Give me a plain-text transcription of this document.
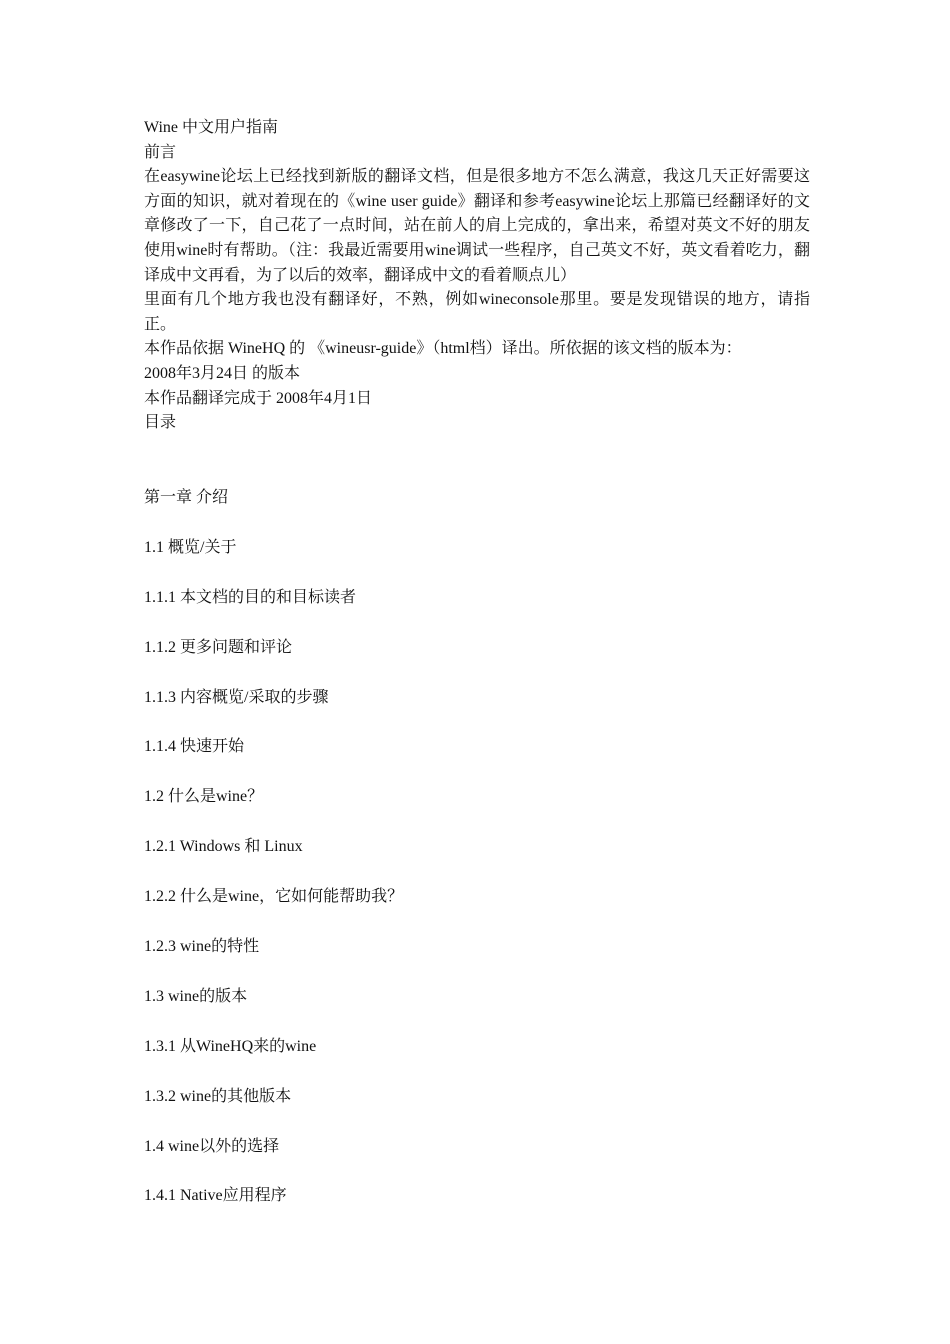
Wine 中文用户指南

前言

在easywine论坛上已经找到新版的翻译文档，但是很多地方不怎么满意，我这几天正好需要这方面的知识，就对着现在的《wine user guide》翻译和参考easywine论坛上那篇已经翻译好的文章修改了一下，自己花了一点时间，站在前人的肩上完成的，拿出来，希望对英文不好的朋友使用wine时有帮助。（注：我最近需要用wine调试一些程序，自己英文不好，英文看着吃力，翻译成中文再看，为了以后的效率，翻译成中文的看着顺点儿）

里面有几个地方我也没有翻译好，不熟，例如wineconsole那里。要是发现错误的地方，请指正。

本作品依据 WineHQ 的 《wineusr-guide》（html档）译出。所依据的该文档的版本为：

2008年3月24日 的版本

本作品翻译完成于 2008年4月1日

目录

第一章 介绍

1.1 概览/关于

1.1.1 本文档的目的和目标读者

1.1.2 更多问题和评论

1.1.3 内容概览/采取的步骤

1.1.4 快速开始

1.2 什么是wine？

1.2.1 Windows 和 Linux

1.2.2 什么是wine，它如何能帮助我？

1.2.3 wine的特性

1.3 wine的版本

1.3.1 从WineHQ来的wine

1.3.2 wine的其他版本

1.4 wine以外的选择

1.4.1 Native应用程序
